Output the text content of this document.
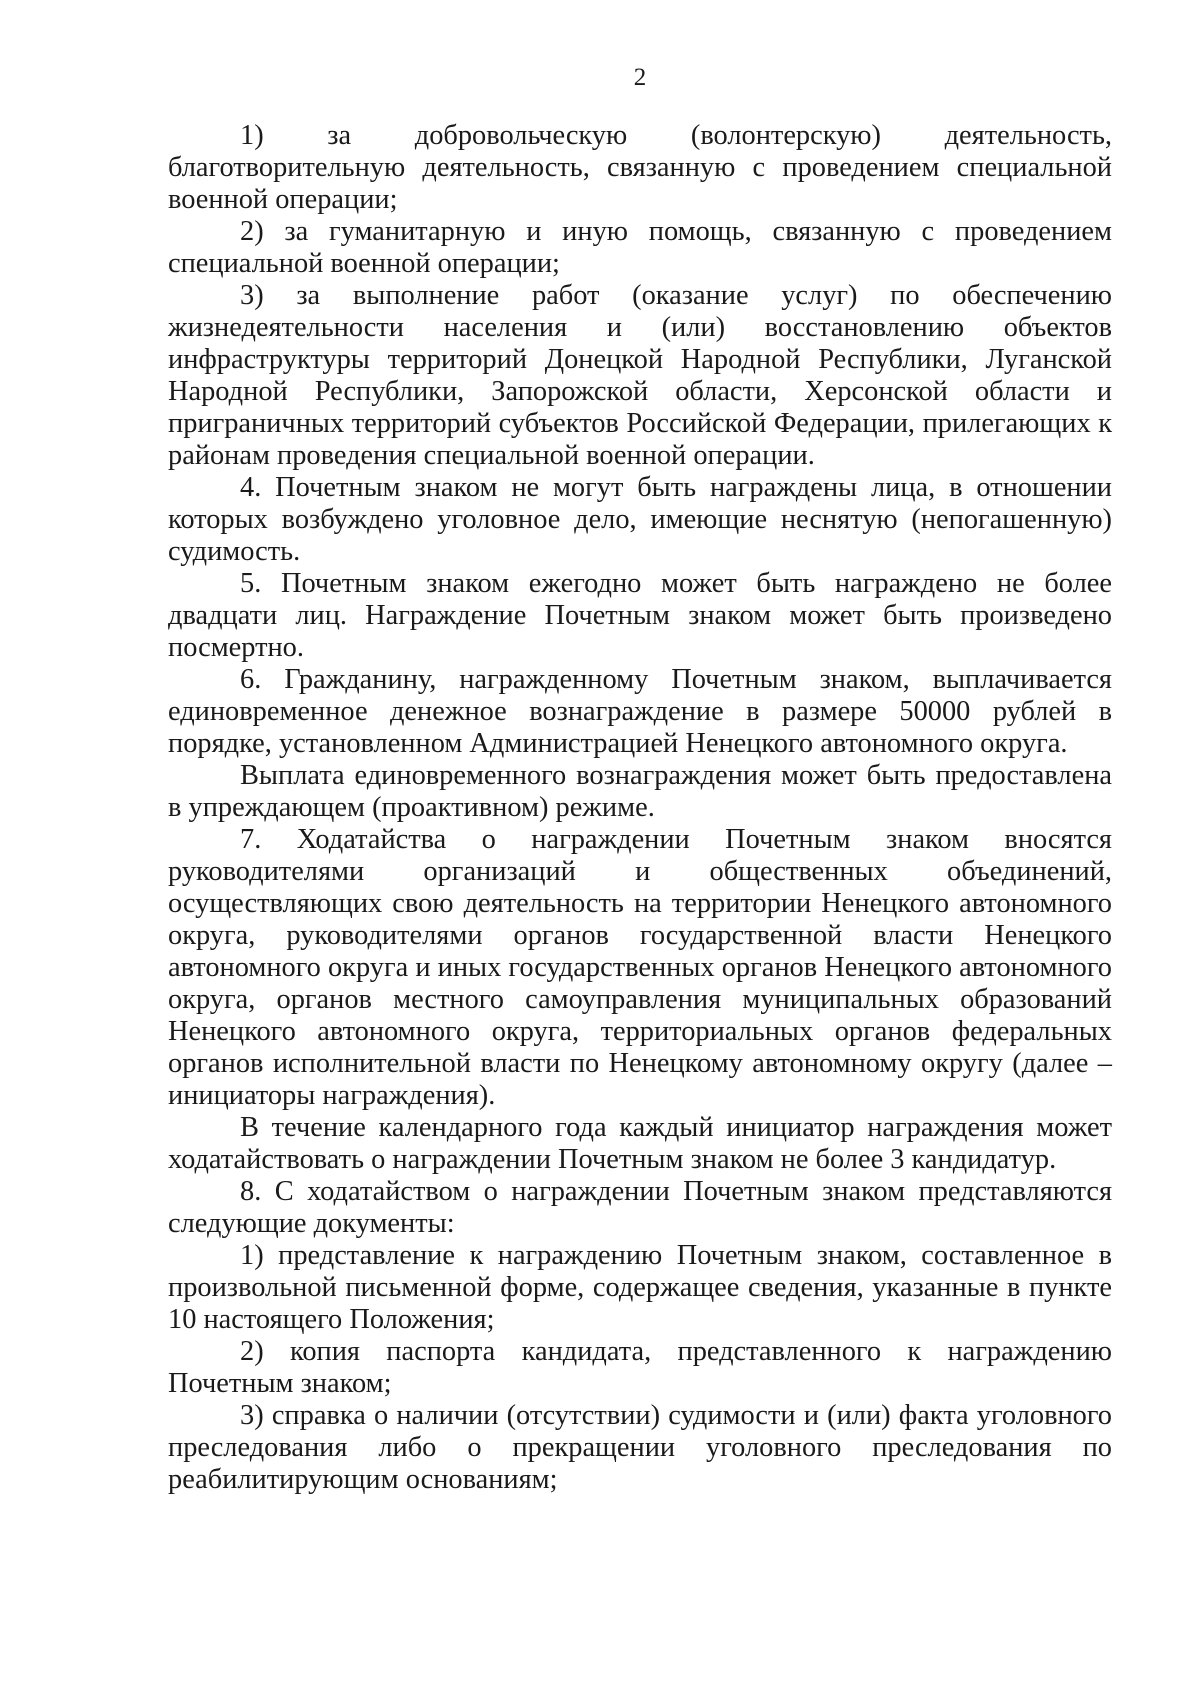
2

1) за добровольческую (волонтерскую) деятельность, благотворительную деятельность, связанную с проведением специальной военной операции;

2) за гуманитарную и иную помощь, связанную с проведением специальной военной операции;

3) за выполнение работ (оказание услуг) по обеспечению жизнедеятельности населения и (или) восстановлению объектов инфраструктуры территорий Донецкой Народной Республики, Луганской Народной Республики, Запорожской области, Херсонской области и приграничных территорий субъектов Российской Федерации, прилегающих к районам проведения специальной военной операции.

4. Почетным знаком не могут быть награждены лица, в отношении которых возбуждено уголовное дело, имеющие неснятую (непогашенную) судимость.

5. Почетным знаком ежегодно может быть награждено не более двадцати лиц. Награждение Почетным знаком может быть произведено посмертно.

6. Гражданину, награжденному Почетным знаком, выплачивается единовременное денежное вознаграждение в размере 50000 рублей в порядке, установленном Администрацией Ненецкого автономного округа.

Выплата единовременного вознаграждения может быть предоставлена в упреждающем (проактивном) режиме.

7. Ходатайства о награждении Почетным знаком вносятся руководителями организаций и общественных объединений, осуществляющих свою деятельность на территории Ненецкого автономного округа, руководителями органов государственной власти Ненецкого автономного округа и иных государственных органов Ненецкого автономного округа, органов местного самоуправления муниципальных образований Ненецкого автономного округа, территориальных органов федеральных органов исполнительной власти по Ненецкому автономному округу (далее – инициаторы награждения).

В течение календарного года каждый инициатор награждения может ходатайствовать о награждении Почетным знаком не более 3 кандидатур.

8. С ходатайством о награждении Почетным знаком представляются следующие документы:

1) представление к награждению Почетным знаком, составленное в произвольной письменной форме, содержащее сведения, указанные в пункте 10 настоящего Положения;

2) копия паспорта кандидата, представленного к награждению Почетным знаком;

3) справка о наличии (отсутствии) судимости и (или) факта уголовного преследования либо о прекращении уголовного преследования по реабилитирующим основаниям;
